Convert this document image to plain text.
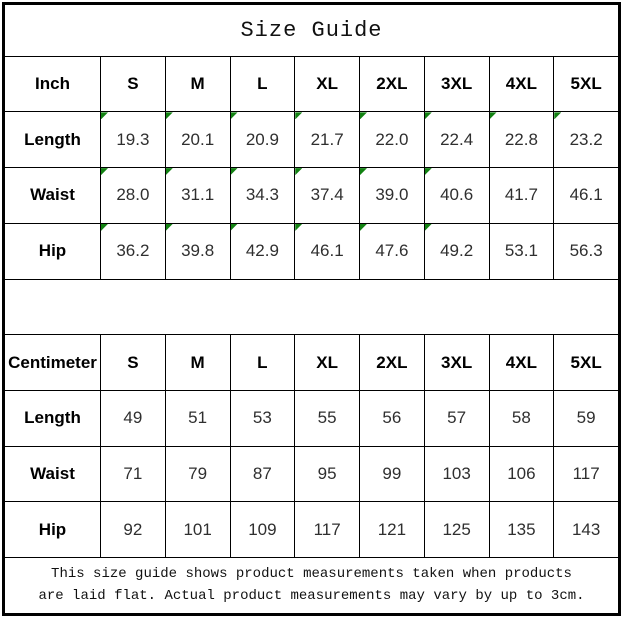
Size Guide								
Inch	S	M	L	XL	2XL	3XL	4XL	5XL
Length	19.3	20.1	20.9	21.7	22.0	22.4	22.8	23.2
Waist	28.0	31.1	34.3	37.4	39.0	40.6	41.7	46.1
Hip	36.2	39.8	42.9	46.1	47.6	49.2	53.1	56.3

Centimeter	S	M	L	XL	2XL	3XL	4XL	5XL
Length	49	51	53	55	56	57	58	59
Waist	71	79	87	95	99	103	106	117
Hip	92	101	109	117	121	125	135	143

This size guide shows product measurements taken when products
are laid flat. Actual product measurements may vary by up to 3cm.								
